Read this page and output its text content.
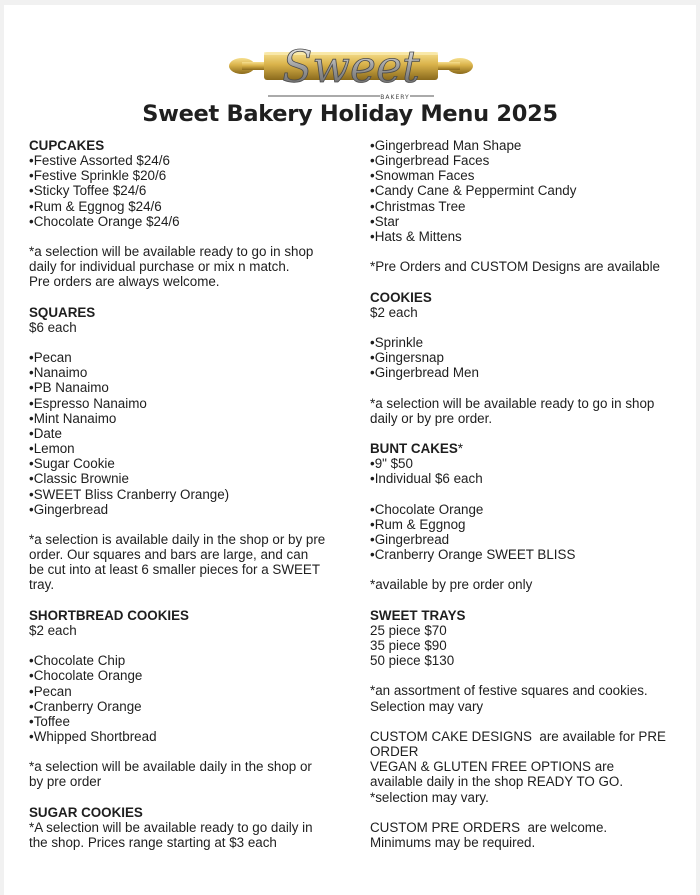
Sweet
BAKERY
Sweet Bakery Holiday Menu 2025
CUPCAKES
•Festive Assorted $24/6
•Festive Sprinkle $20/6
•Sticky Toffee $24/6
•Rum & Eggnog $24/6
•Chocolate Orange $24/6
*a selection will be available ready to go in shop
daily for individual purchase or mix n match.
Pre orders are always welcome.
SQUARES
$6 each
•Pecan
•Nanaimo
•PB Nanaimo
•Espresso Nanaimo
•Mint Nanaimo
•Date
•Lemon
•Sugar Cookie
•Classic Brownie
•SWEET Bliss Cranberry Orange)
•Gingerbread
*a selection is available daily in the shop or by pre
order. Our squares and bars are large, and can
be cut into at least 6 smaller pieces for a SWEET
tray.
SHORTBREAD COOKIES
$2 each
•Chocolate Chip
•Chocolate Orange
•Pecan
•Cranberry Orange
•Toffee
•Whipped Shortbread
*a selection will be available daily in the shop or
by pre order
SUGAR COOKIES
*A selection will be available ready to go daily in
the shop. Prices range starting at $3 each
•Gingerbread Man Shape
•Gingerbread Faces
•Snowman Faces
•Candy Cane & Peppermint Candy
•Christmas Tree
•Star
•Hats & Mittens
*Pre Orders and CUSTOM Designs are available
COOKIES
$2 each
•Sprinkle
•Gingersnap
•Gingerbread Men
*a selection will be available ready to go in shop
daily or by pre order.
BUNT CAKES*
•9" $50
•Individual $6 each
•Chocolate Orange
•Rum & Eggnog
•Gingerbread
•Cranberry Orange SWEET BLISS
*available by pre order only
SWEET TRAYS
25 piece $70
35 piece $90
50 piece $130
*an assortment of festive squares and cookies.
Selection may vary
CUSTOM CAKE DESIGNS  are available for PRE
ORDER
VEGAN & GLUTEN FREE OPTIONS are
available daily in the shop READY TO GO.
*selection may vary.
CUSTOM PRE ORDERS  are welcome.
Minimums may be required.
